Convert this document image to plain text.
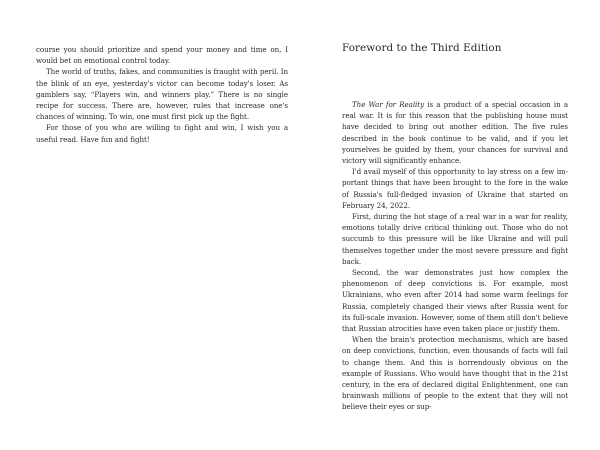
course you should prioritize and spend your money and time on, I would bet on emotional control today.

The world of truths, fakes, and communities is fraught with peril. In the blink of an eye, yesterday's victor can become today's loser. As gamblers say, “Players win, and winners play.” There is no single recipe for success. There are, however, rules that increase one's chances of winning. To win, one must first pick up the fight.

For those of you who are willing to fight and win, I wish you a useful read. Have fun and fight!

Foreword to the Third Edition

The War for Reality is a product of a special occasion in a real war. It is for this reason that the publishing house must have decided to bring out another edition. The five rules described in the book continue to be valid, and if you let yourselves be guided by them, your chances for survival and victory will significantly enhance.

I'd avail myself of this opportunity to lay stress on a few important things that have been brought to the fore in the wake of Russia's full-fledged invasion of Ukraine that started on February 24, 2022.

First, during the hot stage of a real war in a war for reality, emotions totally drive critical thinking out. Those who do not succumb to this pressure will be like Ukraine and will pull themselves together under the most severe pressure and fight back.

Second, the war demonstrates just how complex the phenomenon of deep convictions is. For example, most Ukrainians, who even after 2014 had some warm feelings for Russia, completely changed their views after Russia went for its full-scale invasion. However, some of them still don't believe that Russian atrocities have even taken place or justify them.

When the brain's protection mechanisms, which are based on deep convictions, function, even thousands of facts will fail to change them. And this is horrendously obvious on the example of Russians. Who would have thought that in the 21st century, in the era of declared digital Enlightenment, one can brainwash millions of people to the extent that they will not believe their eyes or sup-
